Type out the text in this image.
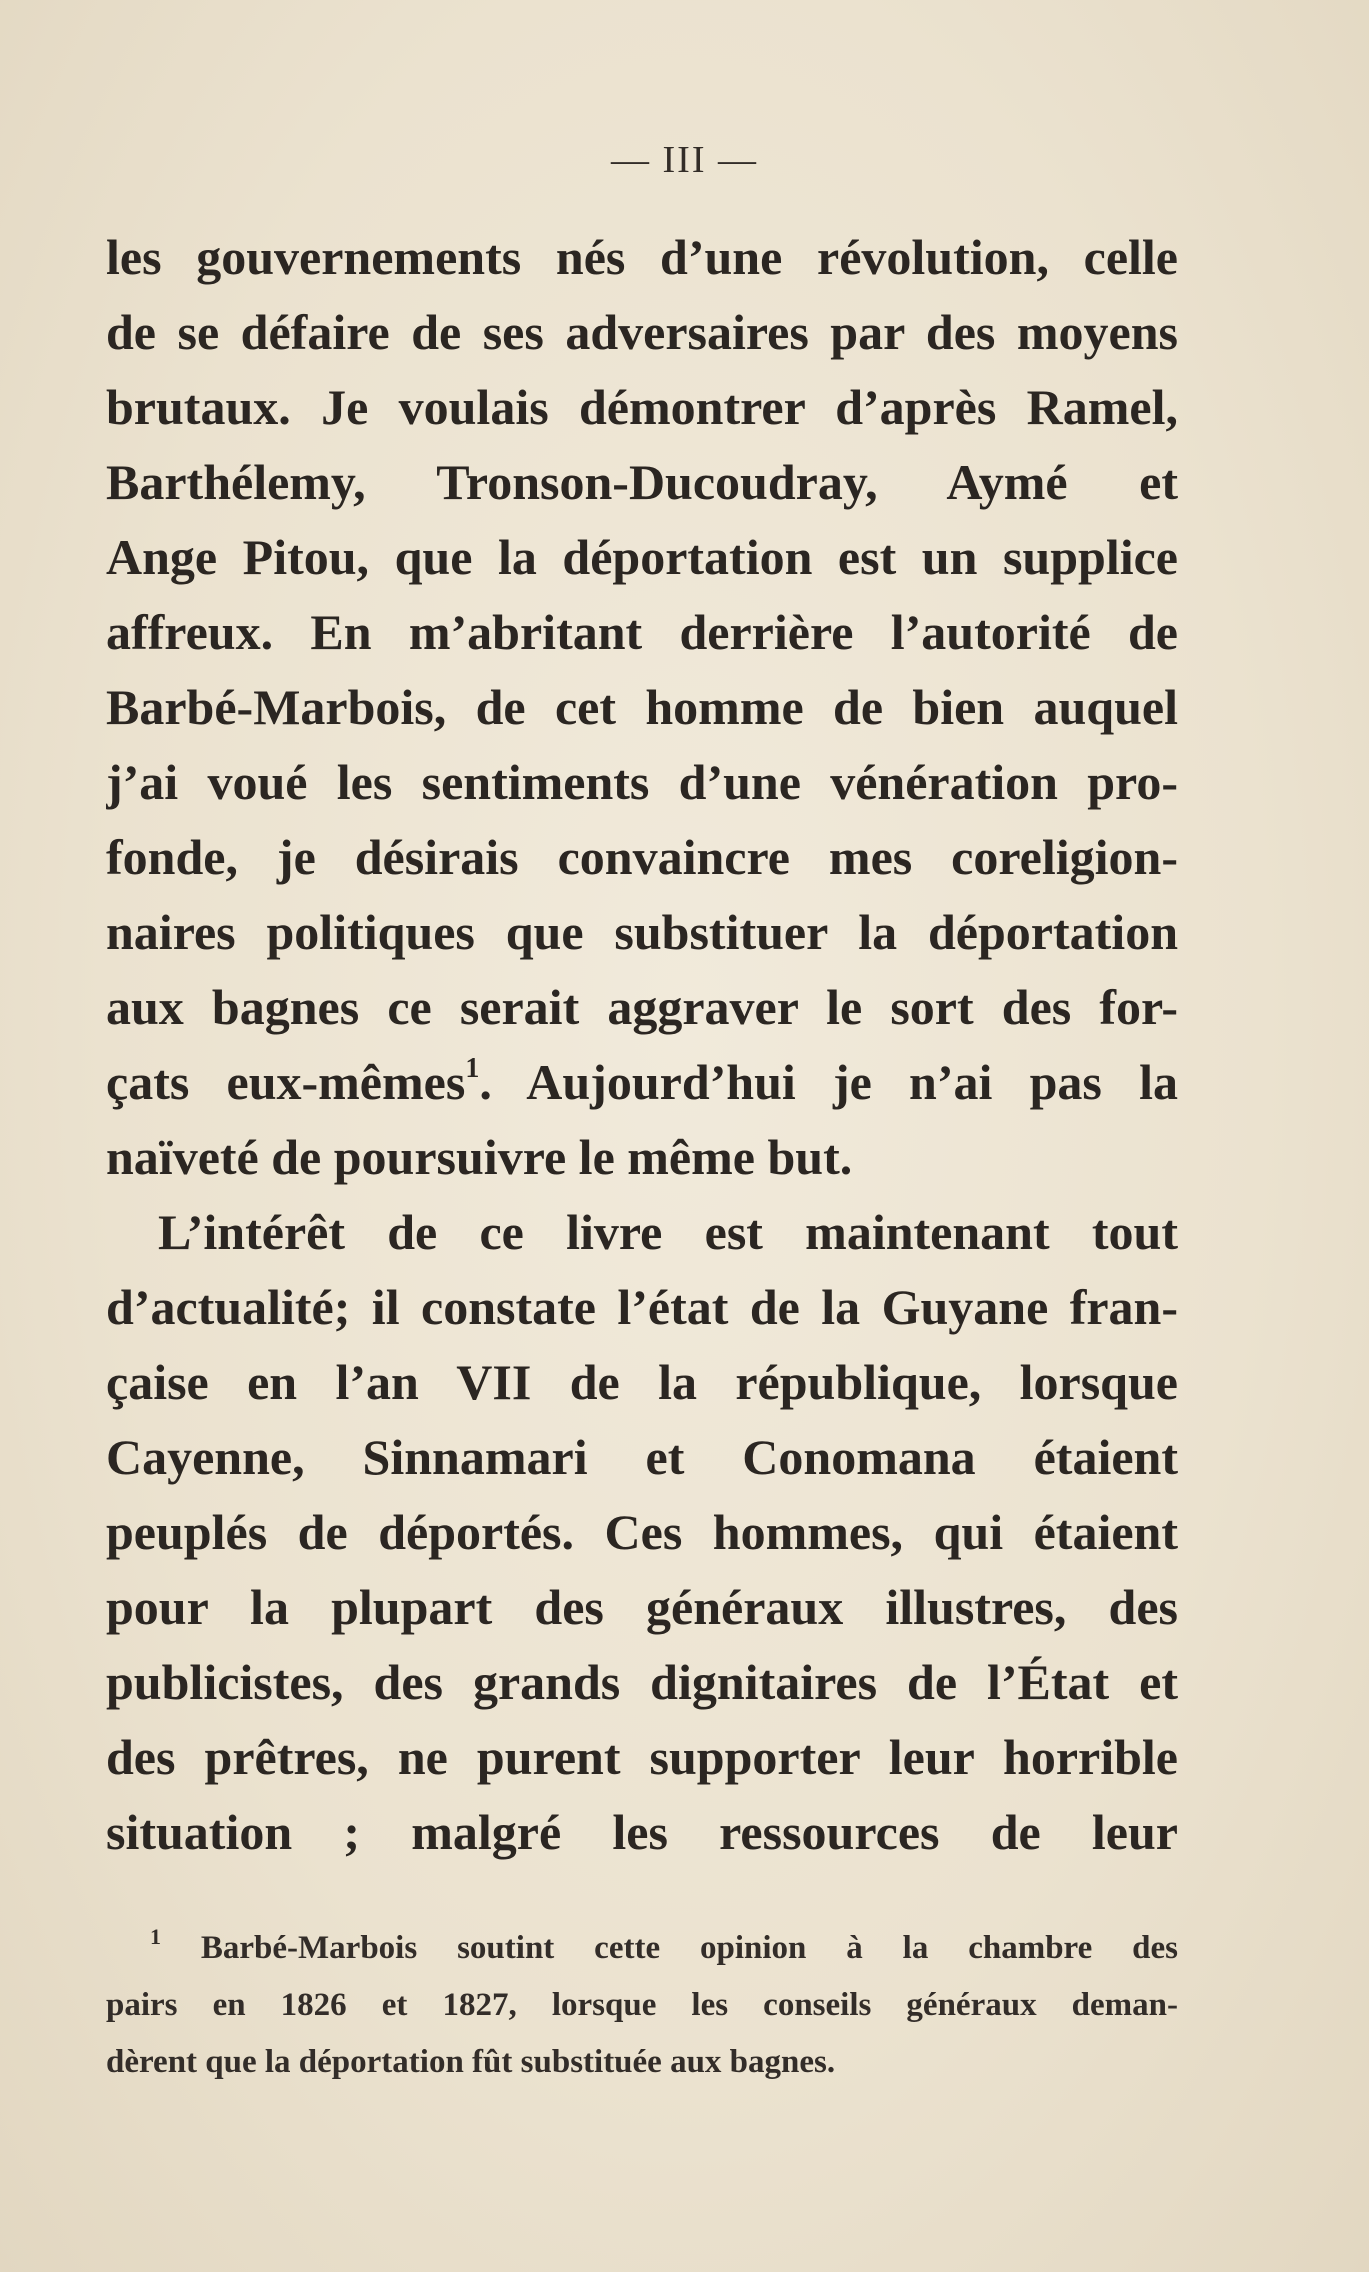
— III —
les gouvernements nés d’une révolution, celle
de se défaire de ses adversaires par des moyens
brutaux. Je voulais démontrer d’après Ramel,
Barthélemy, Tronson-Ducoudray, Aymé et
Ange Pitou, que la déportation est un supplice
affreux. En m’abritant derrière l’autorité de
Barbé-Marbois, de cet homme de bien auquel
j’ai voué les sentiments d’une vénération pro-
fonde, je désirais convaincre mes coreligion-
naires politiques que substituer la déportation
aux bagnes ce serait aggraver le sort des for-
çats eux-mêmes$^1$. Aujourd’hui je n’ai pas la
naïveté de poursuivre le même but.
L’intérêt de ce livre est maintenant tout
d’actualité; il constate l’état de la Guyane fran-
çaise en l’an VII de la république, lorsque
Cayenne, Sinnamari et Conomana étaient
peuplés de déportés. Ces hommes, qui étaient
pour la plupart des généraux illustres, des
publicistes, des grands dignitaires de l’État et
des prêtres, ne purent supporter leur horrible
situation ; malgré les ressources de leur
$^1$ Barbé-Marbois soutint cette opinion à la chambre des
pairs en 1826 et 1827, lorsque les conseils généraux deman-
dèrent que la déportation fût substituée aux bagnes.
